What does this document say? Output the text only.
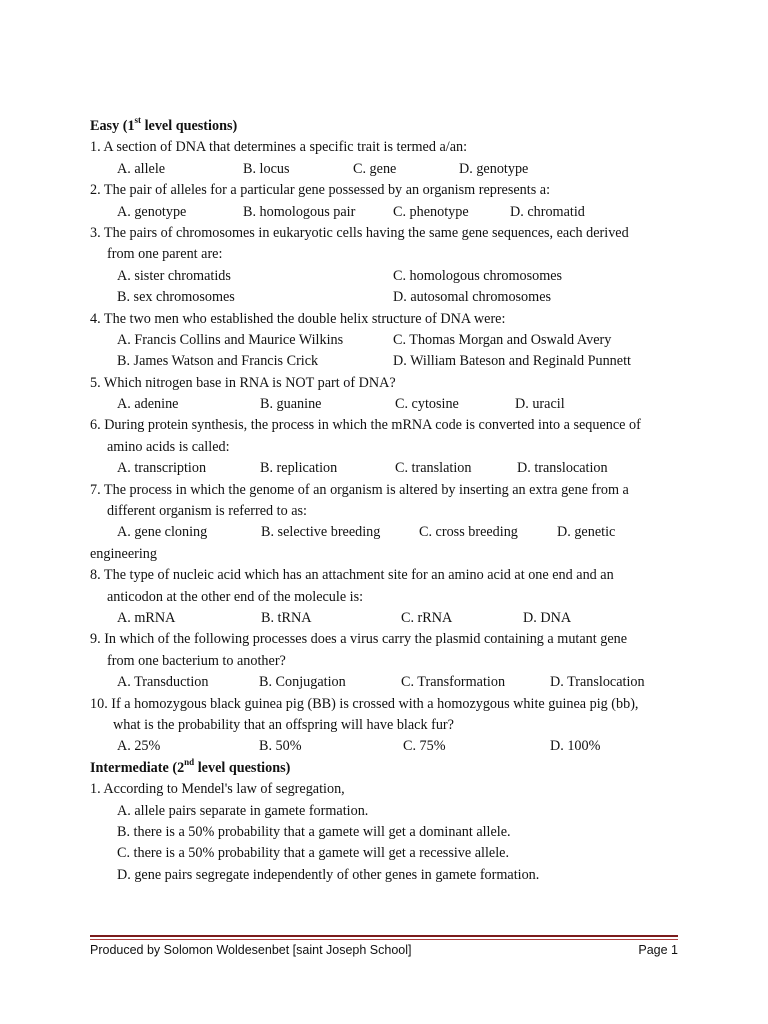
Easy (1st level questions)
1. A section of DNA that determines a specific trait is termed a/an:
A. allele	B. locus	C. gene	D. genotype
2. The pair of alleles for a particular gene possessed by an organism represents a:
A. genotype	B. homologous pair	C. phenotype	D. chromatid
3. The pairs of chromosomes in eukaryotic cells having the same gene sequences, each derived
from one parent are:
A. sister chromatids	C. homologous chromosomes
B. sex chromosomes	D. autosomal chromosomes
4. The two men who established the double helix structure of DNA were:
A. Francis Collins and Maurice Wilkins	C. Thomas Morgan and Oswald Avery
B. James Watson and Francis Crick	D. William Bateson and Reginald Punnett
5. Which nitrogen base in RNA is NOT part of DNA?
A. adenine	B. guanine	C. cytosine	D. uracil
6. During protein synthesis, the process in which the mRNA code is converted into a sequence of
amino acids is called:
A. transcription	B. replication	C. translation	D. translocation
7. The process in which the genome of an organism is altered by inserting an extra gene from a
different organism is referred to as:
A. gene cloning	B. selective breeding	C. cross breeding	D. genetic
engineering
8. The type of nucleic acid which has an attachment site for an amino acid at one end and an
anticodon at the other end of the molecule is:
A. mRNA	B. tRNA	C. rRNA	D. DNA
9. In which of the following processes does a virus carry the plasmid containing a mutant gene
from one bacterium to another?
A. Transduction	B. Conjugation	C. Transformation	D. Translocation
10. If a homozygous black guinea pig (BB) is crossed with a homozygous white guinea pig (bb),
what is the probability that an offspring will have black fur?
A. 25%	B. 50%	C. 75%	D. 100%
Intermediate (2nd level questions)
1. According to Mendel's law of segregation,
A. allele pairs separate in gamete formation.
B. there is a 50% probability that a gamete will get a dominant allele.
C. there is a 50% probability that a gamete will get a recessive allele.
D. gene pairs segregate independently of other genes in gamete formation.
Produced by Solomon Woldesenbet [saint Joseph School]	Page 1
